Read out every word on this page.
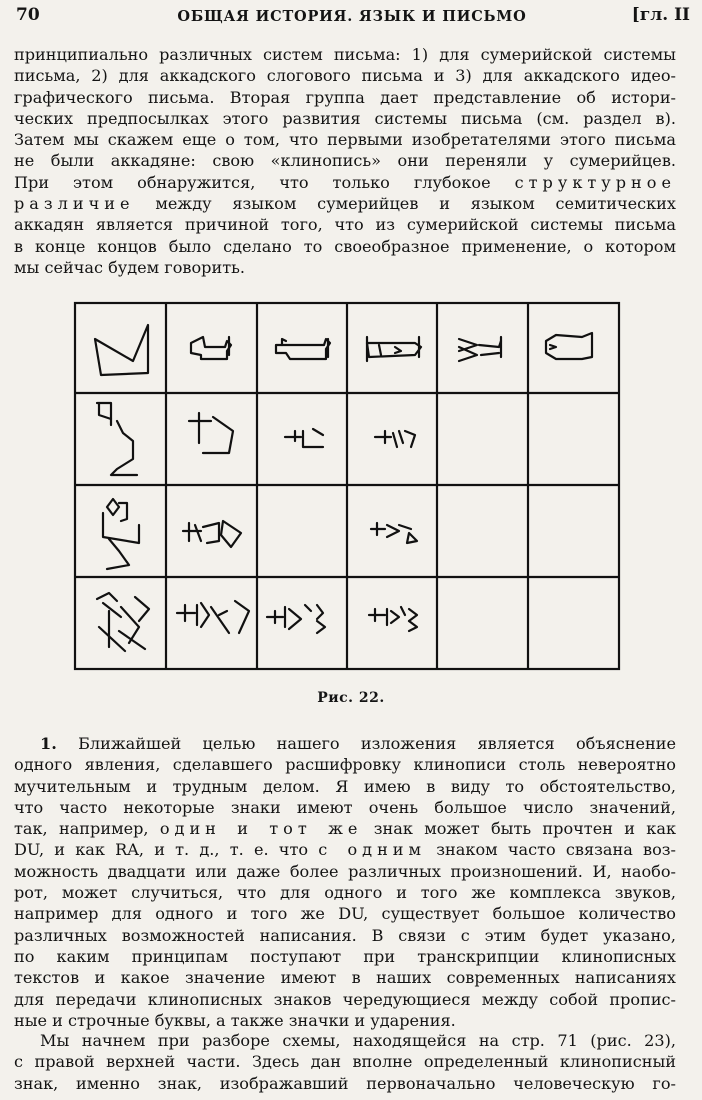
70	ОБЩАЯ ИСТОРИЯ. ЯЗЫК И ПИСЬМО	[гл. II
принципиально различных систем письма: 1) для сумерийской системы
письма, 2) для аккадского слогового письма и 3) для аккадского идео-
графического письма. Вторая группа дает представление об истори-
ческих предпосылках этого развития системы письма (см. раздел в).
Затем мы скажем еще о том, что первыми изобретателями этого письма
не были аккадяне: свою «клинопись» они переняли у сумерийцев.
При этом обнаружится, что только глубокое структурное
различие между языком сумерийцев и языком семитических
аккадян является причиной того, что из сумерийской системы письма
в конце концов было сделано то своеобразное применение, о котором
мы сейчас будем говорить.
Рис. 22.
1. Ближайшей целью нашего изложения является объяснение
одного явления, сделавшего расшифровку клинописи столь невероятно
мучительным и трудным делом. Я имею в виду то обстоятельство,
что часто некоторые знаки имеют очень большое число значений,
так, например, один и тот же знак может быть прочтен и как
DU, и как RA, и т. д., т. е. что с одним знаком часто связана воз-
можность двадцати или даже более различных произношений. И, наобо-
рот, может случиться, что для одного и того же комплекса звуков,
например для одного и того же DU, существует большое количество
различных возможностей написания. В связи с этим будет указано,
по каким принципам поступают при транскрипции клинописных
текстов и какое значение имеют в наших современных написаниях
для передачи клинописных знаков чередующиеся между собой пропис-
ные и строчные буквы, а также значки и ударения.
Мы начнем при разборе схемы, находящейся на стр. 71 (рис. 23),
с правой верхней части. Здесь дан вполне определенный клинописный
знак, именно знак, изображавший первоначально человеческую го-
